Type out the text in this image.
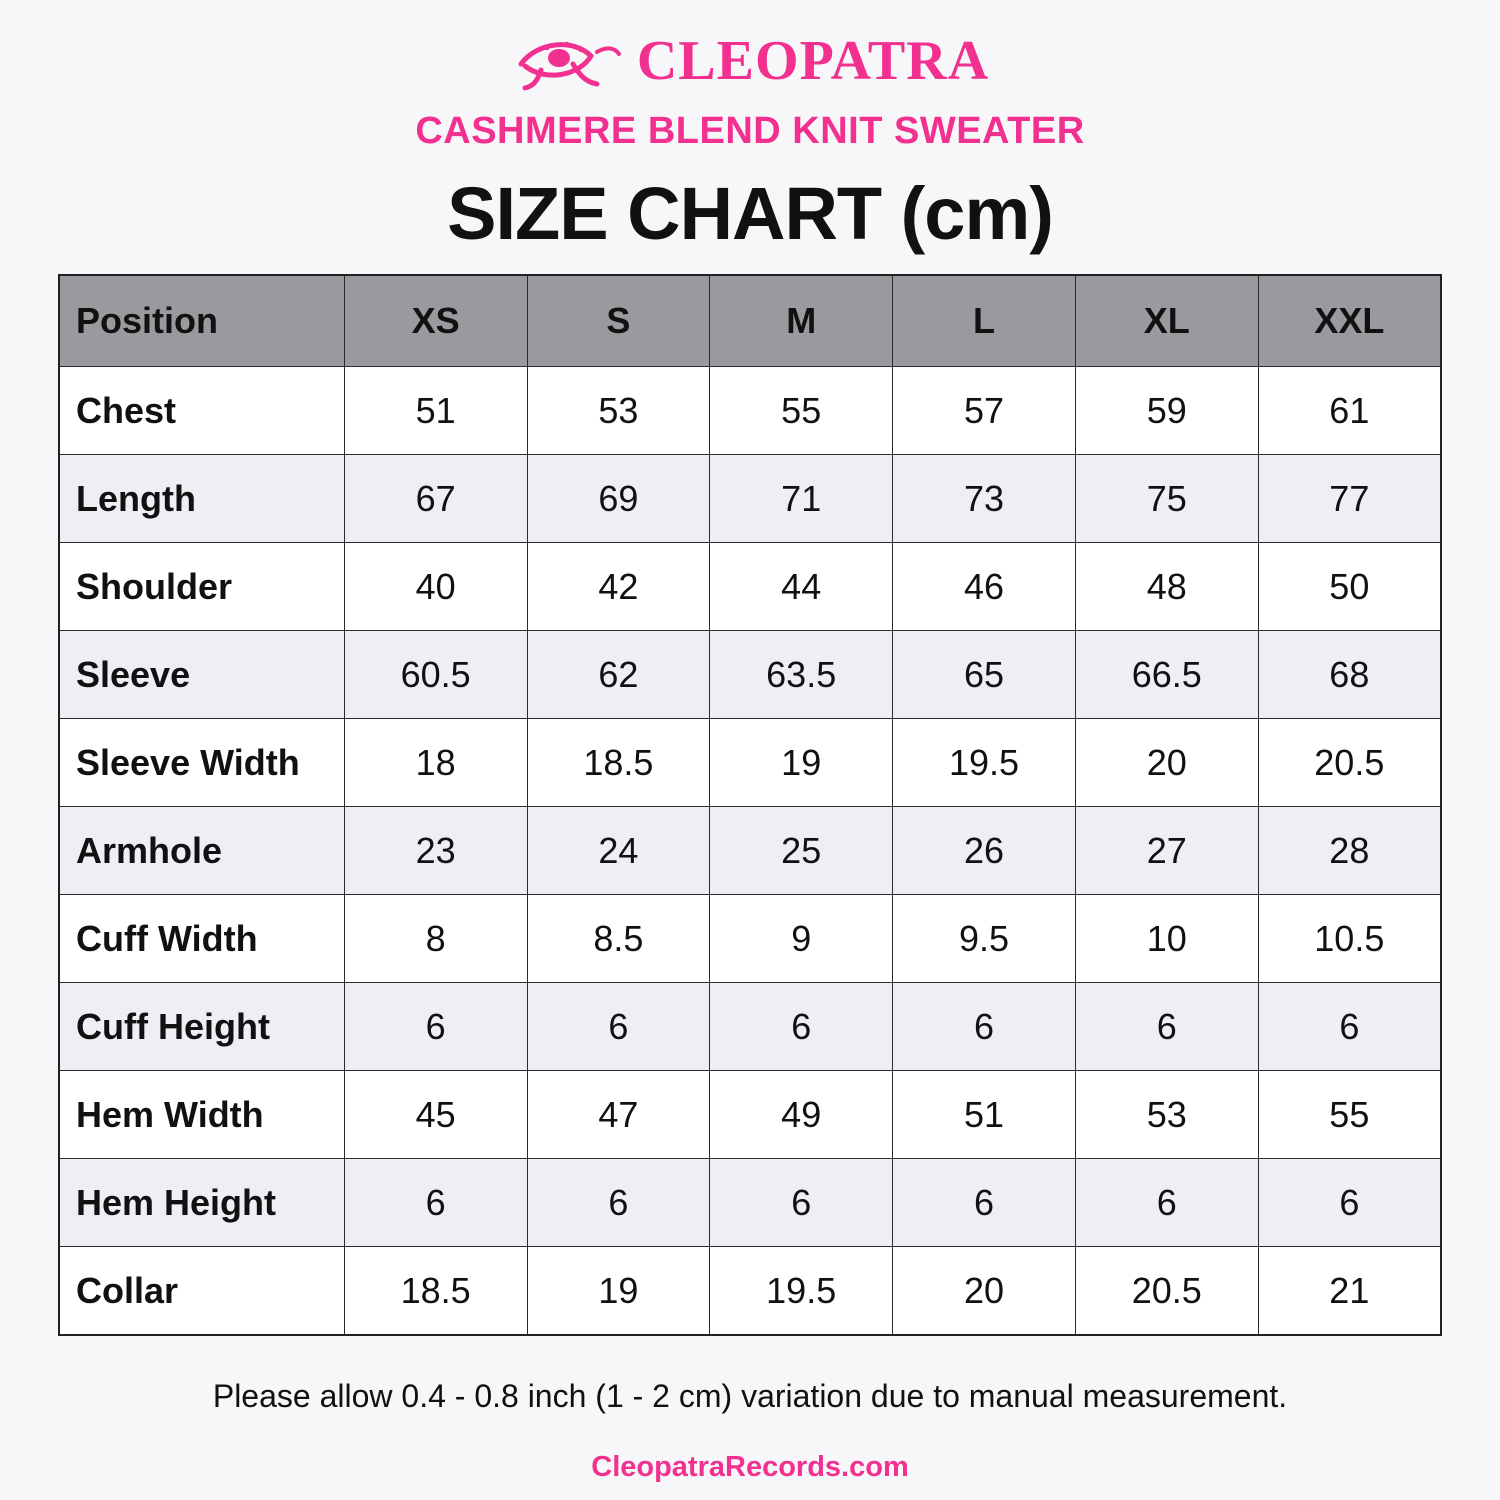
CLEOPATRA
CASHMERE BLEND KNIT SWEATER
SIZE CHART (cm)
Position	XS	S	M	L	XL	XXL
Chest	51	53	55	57	59	61
Length	67	69	71	73	75	77
Shoulder	40	42	44	46	48	50
Sleeve	60.5	62	63.5	65	66.5	68
Sleeve Width	18	18.5	19	19.5	20	20.5
Armhole	23	24	25	26	27	28
Cuff Width	8	8.5	9	9.5	10	10.5
Cuff Height	6	6	6	6	6	6
Hem Width	45	47	49	51	53	55
Hem Height	6	6	6	6	6	6
Collar	18.5	19	19.5	20	20.5	21
Please allow 0.4 - 0.8 inch (1 - 2 cm) variation due to manual measurement.
CleopatraRecords.com
